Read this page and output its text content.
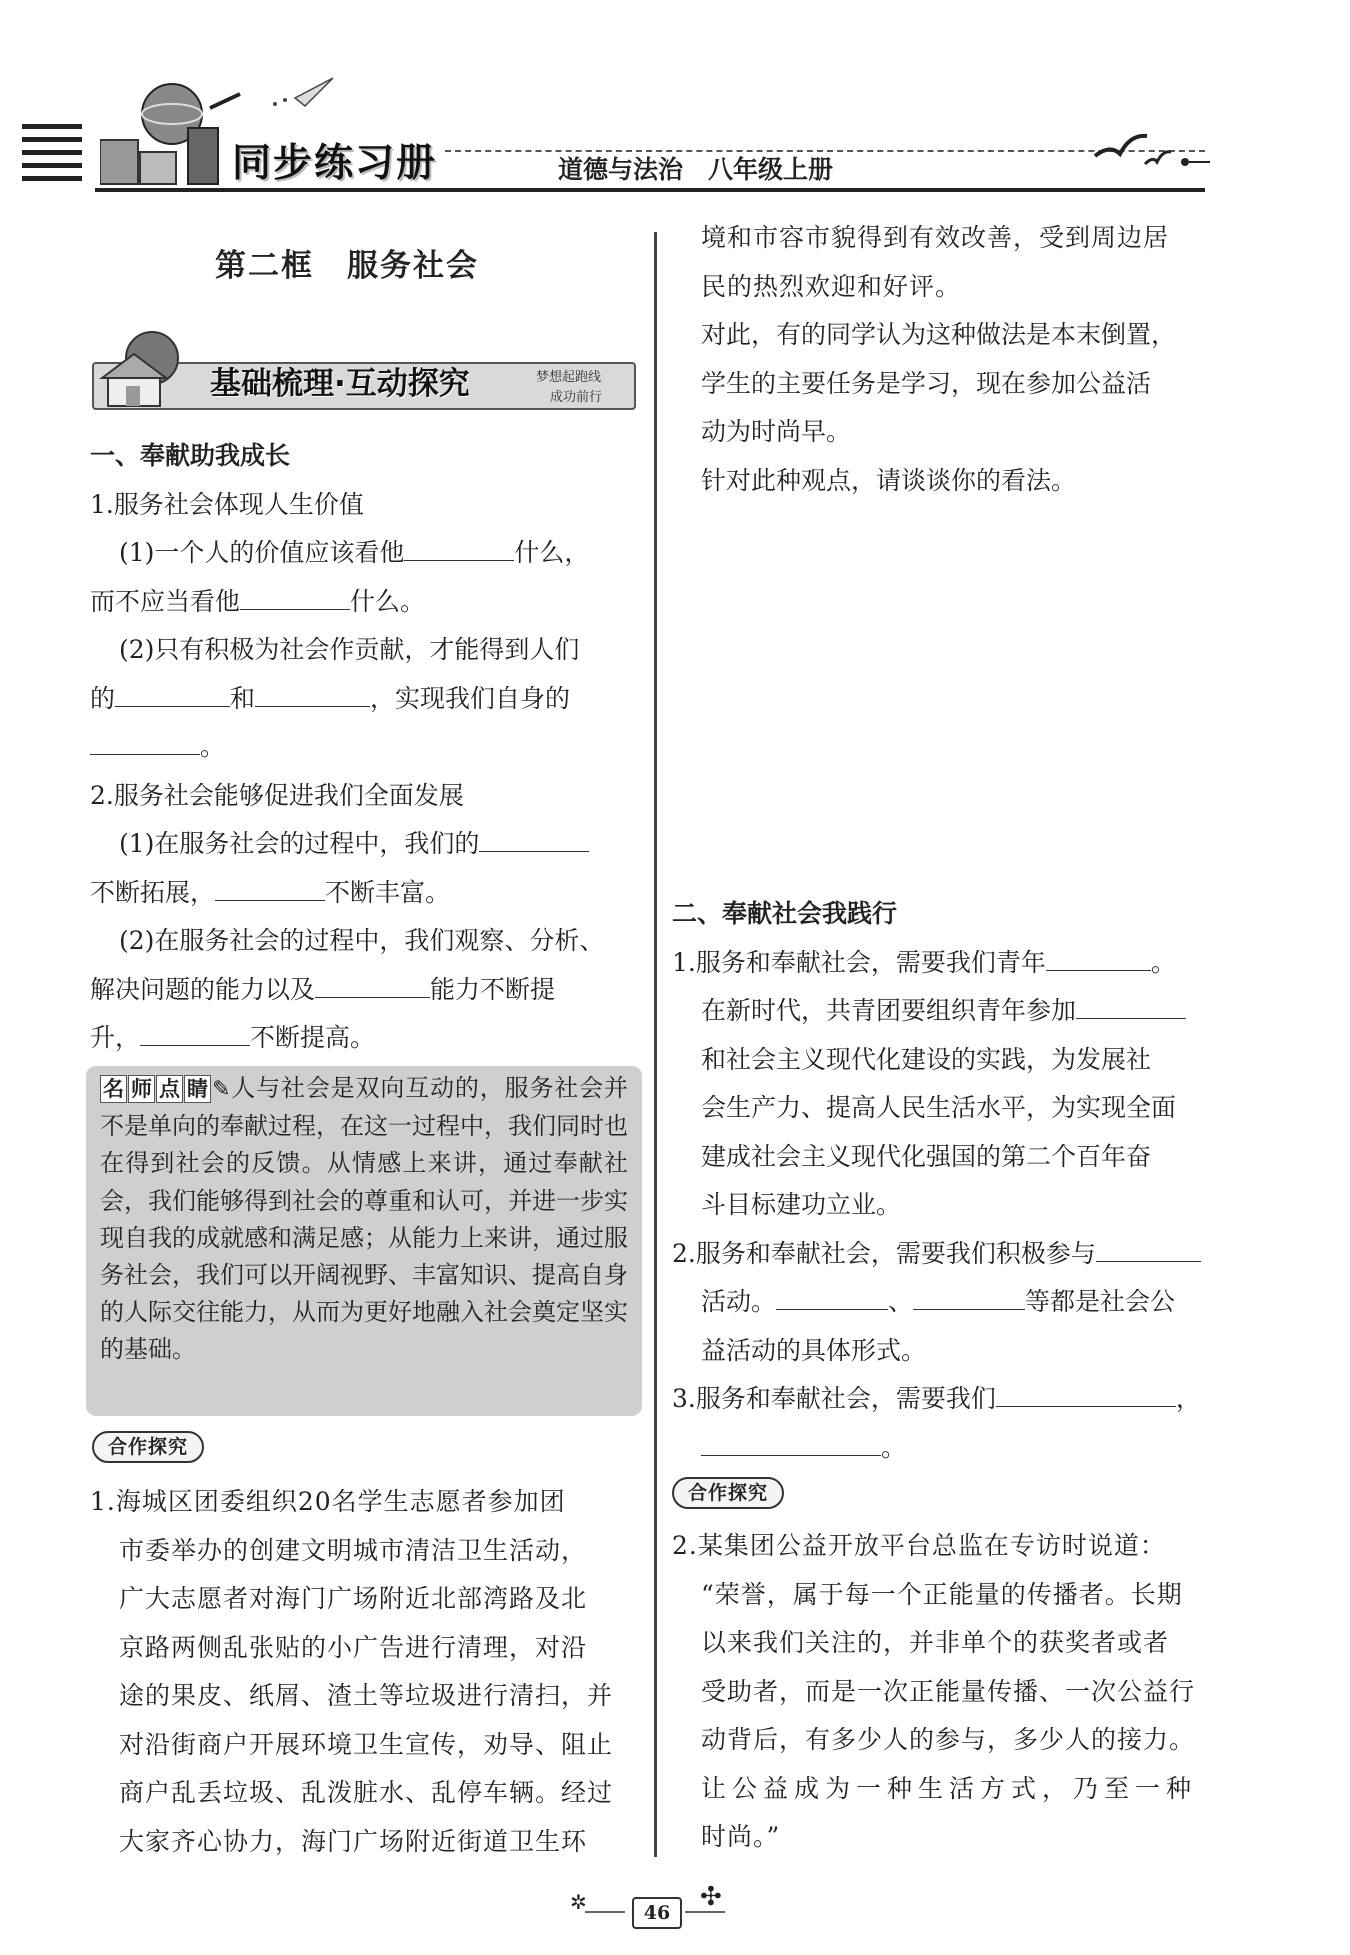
同步练习册	道德与法治　八年级上册
第二框　服务社会
基础梳理·互动探究	梦想起跑线
成功前行
一、奉献助我成长
1.服务社会体现人生价值
(1)一个人的价值应该看他	什么，
而不应当看他	什么。
(2)只有积极为社会作贡献，才能得到人们
的	和	，实现我们自身的
。
2.服务社会能够促进我们全面发展
(1)在服务社会的过程中，我们的
不断拓展，	不断丰富。
(2)在服务社会的过程中，我们观察、分析、
解决问题的能力以及	能力不断提
升，	不断提高。
名 师 点 睛 ✎人与社会是双向互动的，服务社会并不是单向的奉献过程，在这一过程中，我们同时也在得到社会的反馈。从情感上来讲，通过奉献社会，我们能够得到社会的尊重和认可，并进一步实现自我的成就感和满足感；从能力上来讲，通过服务社会，我们可以开阔视野、丰富知识、提高自身的人际交往能力，从而为更好地融入社会奠定坚实的基础。
合作探究
1.海城区团委组织20名学生志愿者参加团
市委举办的创建文明城市清洁卫生活动，
广大志愿者对海门广场附近北部湾路及北
京路两侧乱张贴的小广告进行清理，对沿
途的果皮、纸屑、渣土等垃圾进行清扫，并
对沿街商户开展环境卫生宣传，劝导、阻止
商户乱丢垃圾、乱泼脏水、乱停车辆。经过
大家齐心协力，海门广场附近街道卫生环
境和市容市貌得到有效改善，受到周边居
民的热烈欢迎和好评。
对此，有的同学认为这种做法是本末倒置，
学生的主要任务是学习，现在参加公益活
动为时尚早。
针对此种观点，请谈谈你的看法。
二、奉献社会我践行
1.服务和奉献社会，需要我们青年	。
在新时代，共青团要组织青年参加
和社会主义现代化建设的实践，为发展社
会生产力、提高人民生活水平，为实现全面
建成社会主义现代化强国的第二个百年奋
斗目标建功立业。
2.服务和奉献社会，需要我们积极参与
活动。	、	等都是社会公
益活动的具体形式。
3.服务和奉献社会，需要我们	，
。
合作探究
2.某集团公益开放平台总监在专访时说道：
“荣誉，属于每一个正能量的传播者。长期
以来我们关注的，并非单个的获奖者或者
受助者，而是一次正能量传播、一次公益行
动背后，有多少人的参与，多少人的接力。
让公益成为一种生活方式，乃至一种
时尚。”
✲	✣
46
